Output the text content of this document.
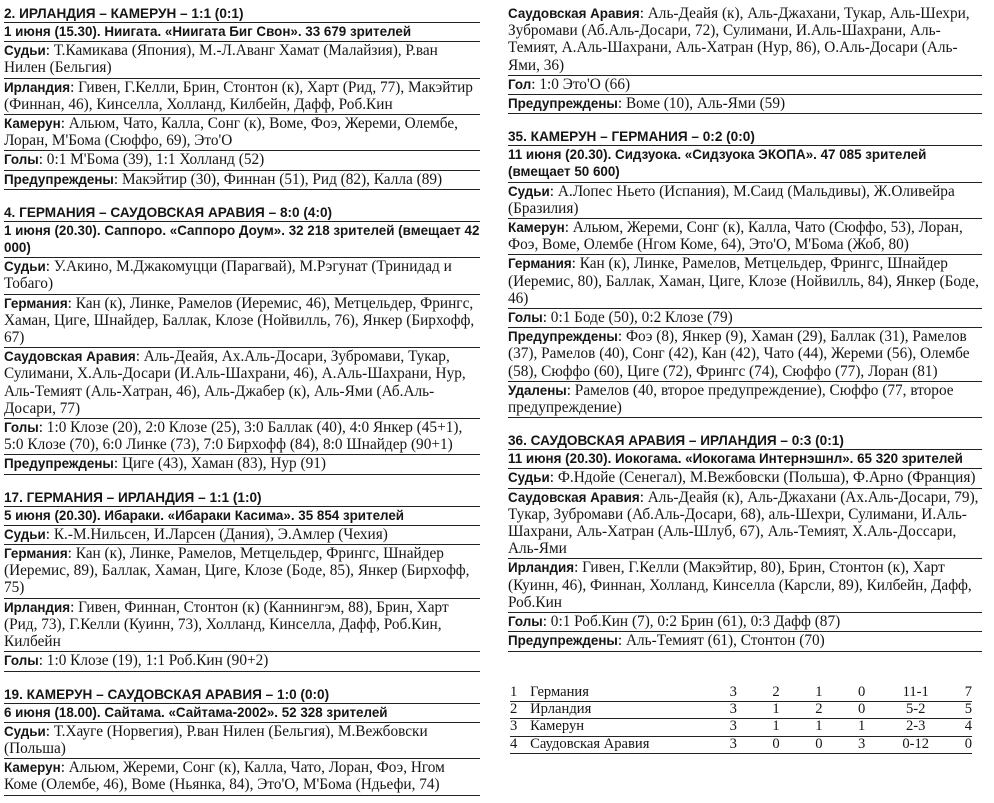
2. ИРЛАНДИЯ – КАМЕРУН – 1:1 (0:1)
1 июня (15.30). Ниигата. «Ниигата Биг Свон». 33 679 зрителей
Судьи: Т.Камикава (Япония), М.-Л.Аванг Хамат (Малайзия), Р.ван Нилен (Бельгия)
Ирландия: Гивен, Г.Келли, Брин, Стонтон (к), Харт (Рид, 77), Макэйтир (Финнан, 46), Кинселла, Холланд, Килбейн, Дафф, Роб.Кин
Камерун: Альюм, Чато, Калла, Сонг (к), Воме, Фоэ, Жереми, Олембе, Лоран, М'Бома (Сюффо, 69), Это'О
Голы: 0:1 М'Бома (39), 1:1 Холланд (52)
Предупреждены: Макэйтир (30), Финнан (51), Рид (82), Калла (89)
4. ГЕРМАНИЯ – САУДОВСКАЯ АРАВИЯ – 8:0 (4:0)
1 июня (20.30). Саппоро. «Саппоро Доум». 32 218 зрителей (вмещает 42 000)
Судьи: У.Акино, М.Джакомуцци (Парагвай), М.Рэгунат (Тринидад и Тобаго)
Германия: Кан (к), Линке, Рамелов (Иеремис, 46), Метцельдер, Фрингс, Хаман, Циге, Шнайдер, Баллак, Клозе (Нойвилль, 76), Янкер (Бирхофф, 67)
Саудовская Аравия: Аль-Деайя, Ах.Аль-Досари, Зубромави, Тукар, Сулимани, Х.Аль-Досари (И.Аль-Шахрани, 46), А.Аль-Шахрани, Нур, Аль-Темият (Аль-Хатран, 46), Аль-Джабер (к), Аль-Ями (Аб.Аль-Досари, 77)
Голы: 1:0 Клозе (20), 2:0 Клозе (25), 3:0 Баллак (40), 4:0 Янкер (45+1), 5:0 Клозе (70), 6:0 Линке (73), 7:0 Бирхофф (84), 8:0 Шнайдер (90+1)
Предупреждены: Циге (43), Хаман (83), Нур (91)
17. ГЕРМАНИЯ – ИРЛАНДИЯ – 1:1 (1:0)
5 июня (20.30). Ибараки. «Ибараки Касима». 35 854 зрителей
Судьи: К.-М.Нильсен, И.Ларсен (Дания), Э.Амлер (Чехия)
Германия: Кан (к), Линке, Рамелов, Метцельдер, Фрингс, Шнайдер (Иеремис, 89), Баллак, Хаман, Циге, Клозе (Боде, 85), Янкер (Бирхофф, 75)
Ирландия: Гивен, Финнан, Стонтон (к) (Каннингэм, 88), Брин, Харт (Рид, 73), Г.Келли (Куинн, 73), Холланд, Кинселла, Дафф, Роб.Кин, Килбейн
Голы: 1:0 Клозе (19), 1:1 Роб.Кин (90+2)
19. КАМЕРУН – САУДОВСКАЯ АРАВИЯ – 1:0 (0:0)
6 июня (18.00). Сайтама. «Сайтама-2002». 52 328 зрителей
Судьи: Т.Хауге (Норвегия), Р.ван Нилен (Бельгия), М.Вежбовски (Польша)
Камерун: Альюм, Жереми, Сонг (к), Калла, Чато, Лоран, Фоэ, Нгом Коме (Олембе, 46), Воме (Ньянка, 84), Это'О, М'Бома (Ндьефи, 74)
Саудовская Аравия: Аль-Деайя (к), Аль-Джахани, Тукар, Аль-Шехри, Зубромави (Аб.Аль-Досари, 72), Сулимани, И.Аль-Шахрани, Аль-Темият, А.Аль-Шахрани, Аль-Хатран (Нур, 86), О.Аль-Досари (Аль-Ями, 36)
Гол: 1:0 Это'О (66)
Предупреждены: Воме (10), Аль-Ями (59)
35. КАМЕРУН – ГЕРМАНИЯ – 0:2 (0:0)
11 июня (20.30). Сидзуока. «Сидзуока ЭКОПА». 47 085 зрителей (вмещает 50 600)
Судьи: А.Лопес Ньето (Испания), М.Саид (Мальдивы), Ж.Оливейра (Бразилия)
Камерун: Альюм, Жереми, Сонг (к), Калла, Чато (Сюффо, 53), Лоран, Фоэ, Воме, Олембе (Нгом Коме, 64), Это'О, М'Бома (Жоб, 80)
Германия: Кан (к), Линке, Рамелов, Метцельдер, Фрингс, Шнайдер (Иеремис, 80), Баллак, Хаман, Циге, Клозе (Нойвилль, 84), Янкер (Боде, 46)
Голы: 0:1 Боде (50), 0:2 Клозе (79)
Предупреждены: Фоэ (8), Янкер (9), Хаман (29), Баллак (31), Рамелов (37), Рамелов (40), Сонг (42), Кан (42), Чато (44), Жереми (56), Олембе (58), Сюффо (60), Циге (72), Фрингс (74), Сюффо (77), Лоран (81)
Удалены: Рамелов (40, второе предупреждение), Сюффо (77, второе предупреждение)
36. САУДОВСКАЯ АРАВИЯ – ИРЛАНДИЯ – 0:3 (0:1)
11 июня (20.30). Иокогама. «Иокогама Интернэшнл». 65 320 зрителей
Судьи: Ф.Ндойе (Сенегал), М.Вежбовски (Польша), Ф.Арно (Франция)
Саудовская Аравия: Аль-Деайя (к), Аль-Джахани (Ах.Аль-Досари, 79), Тукар, Зубромави (Аб.Аль-Досари, 68), аль-Шехри, Сулимани, И.Аль-Шахрани, Аль-Хатран (Аль-Шлуб, 67), Аль-Темият, Х.Аль-Доссари, Аль-Ями
Ирландия: Гивен, Г.Келли (Макэйтир, 80), Брин, Стонтон (к), Харт (Куинн, 46), Финнан, Холланд, Кинселла (Карсли, 89), Килбейн, Дафф, Роб.Кин
Голы: 0:1 Роб.Кин (7), 0:2 Брин (61), 0:3 Дафф (87)
Предупреждены: Аль-Темият (61), Стонтон (70)
1	Германия	3	2	1	0	11-1	7
2	Ирландия	3	1	2	0	5-2	5
3	Камерун	3	1	1	1	2-3	4
4	Саудовская Аравия	3	0	0	3	0-12	0
